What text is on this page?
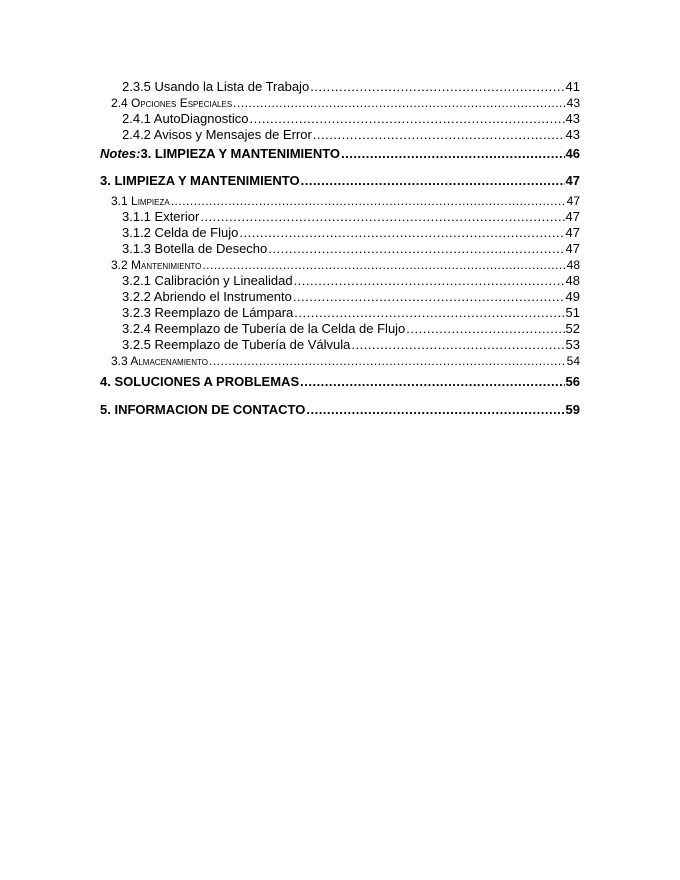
2.3.5 Usando la Lista de Trabajo .....	41
2.4 Opciones Especiales .....	43
2.4.1 AutoDiagnostico .....	43
2.4.2 Avisos y Mensajes de Error .....	43
Notes:3. LIMPIEZA Y MANTENIMIENTO .....	46
3. LIMPIEZA Y MANTENIMIENTO .....	47
3.1 Limpieza .....	47
3.1.1 Exterior .....	47
3.1.2 Celda de Flujo .....	47
3.1.3 Botella de Desecho .....	47
3.2 Mantenimiento .....	48
3.2.1 Calibración y Linealidad .....	48
3.2.2 Abriendo el Instrumento .....	49
3.2.3 Reemplazo de Lámpara .....	51
3.2.4 Reemplazo de Tubería de la Celda de Flujo .....	52
3.2.5 Reemplazo de Tubería de Válvula .....	53
3.3 Almacenamiento .....	54
4. SOLUCIONES A PROBLEMAS .....	56
5. INFORMACION DE CONTACTO .....	59
